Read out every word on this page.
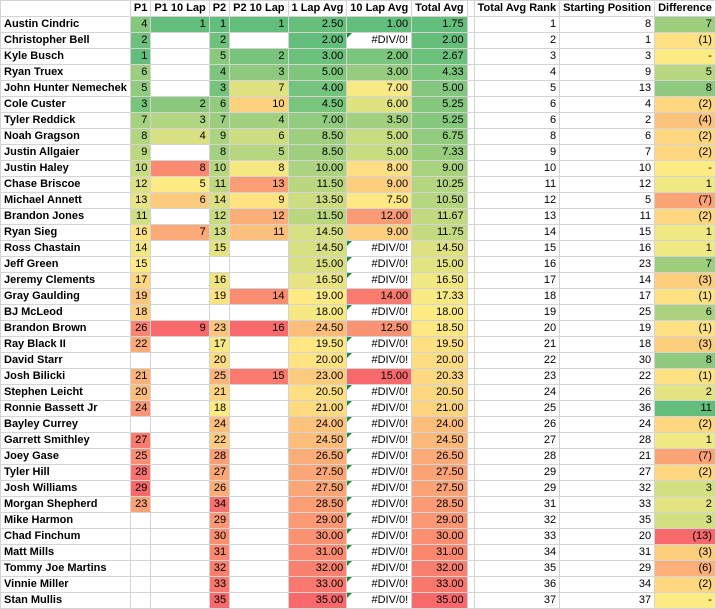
	P1	P1 10 Lap	P2	P2 10 Lap	1 Lap Avg	10 Lap Avg	Total Avg		Total Avg Rank	Starting Position	Difference
Austin Cindric	4	1	1	1	2.50	1.00	1.75		1	8	7
Christopher Bell	2		2		2.00	#DIV/0!	2.00		2	1	(1)
Kyle Busch	1		5	2	3.00	2.00	2.67		3	3	-
Ryan Truex	6		4	3	5.00	3.00	4.33		4	9	5
John Hunter Nemechek	5		3	7	4.00	7.00	5.00		5	13	8
Cole Custer	3	2	6	10	4.50	6.00	5.25		6	4	(2)
Tyler Reddick	7	3	7	4	7.00	3.50	5.25		6	2	(4)
Noah Gragson	8	4	9	6	8.50	5.00	6.75		8	6	(2)
Justin Allgaier	9		8	5	8.50	5.00	7.33		9	7	(2)
Justin Haley	10	8	10	8	10.00	8.00	9.00		10	10	-
Chase Briscoe	12	5	11	13	11.50	9.00	10.25		11	12	1
Michael Annett	13	6	14	9	13.50	7.50	10.50		12	5	(7)
Brandon Jones	11		12	12	11.50	12.00	11.67		13	11	(2)
Ryan Sieg	16	7	13	11	14.50	9.00	11.75		14	15	1
Ross Chastain	14		15		14.50	#DIV/0!	14.50		15	16	1
Jeff Green	15				15.00	#DIV/0!	15.00		16	23	7
Jeremy Clements	17		16		16.50	#DIV/0!	16.50		17	14	(3)
Gray Gaulding	19		19	14	19.00	14.00	17.33		18	17	(1)
BJ McLeod	18				18.00	#DIV/0!	18.00		19	25	6
Brandon Brown	26	9	23	16	24.50	12.50	18.50		20	19	(1)
Ray Black II	22		17		19.50	#DIV/0!	19.50		21	18	(3)
David Starr			20		20.00	#DIV/0!	20.00		22	30	8
Josh Bilicki	21		25	15	23.00	15.00	20.33		23	22	(1)
Stephen Leicht	20		21		20.50	#DIV/0!	20.50		24	26	2
Ronnie Bassett Jr	24		18		21.00	#DIV/0!	21.00		25	36	11
Bayley Currey			24		24.00	#DIV/0!	24.00		26	24	(2)
Garrett Smithley	27		22		24.50	#DIV/0!	24.50		27	28	1
Joey Gase	25		28		26.50	#DIV/0!	26.50		28	21	(7)
Tyler Hill	28		27		27.50	#DIV/0!	27.50		29	27	(2)
Josh Williams	29		26		27.50	#DIV/0!	27.50		29	32	3
Morgan Shepherd	23		34		28.50	#DIV/0!	28.50		31	33	2
Mike Harmon			29		29.00	#DIV/0!	29.00		32	35	3
Chad Finchum			30		30.00	#DIV/0!	30.00		33	20	(13)
Matt Mills			31		31.00	#DIV/0!	31.00		34	31	(3)
Tommy Joe Martins			32		32.00	#DIV/0!	32.00		35	29	(6)
Vinnie Miller			33		33.00	#DIV/0!	33.00		36	34	(2)
Stan Mullis			35		35.00	#DIV/0!	35.00		37	37	-
